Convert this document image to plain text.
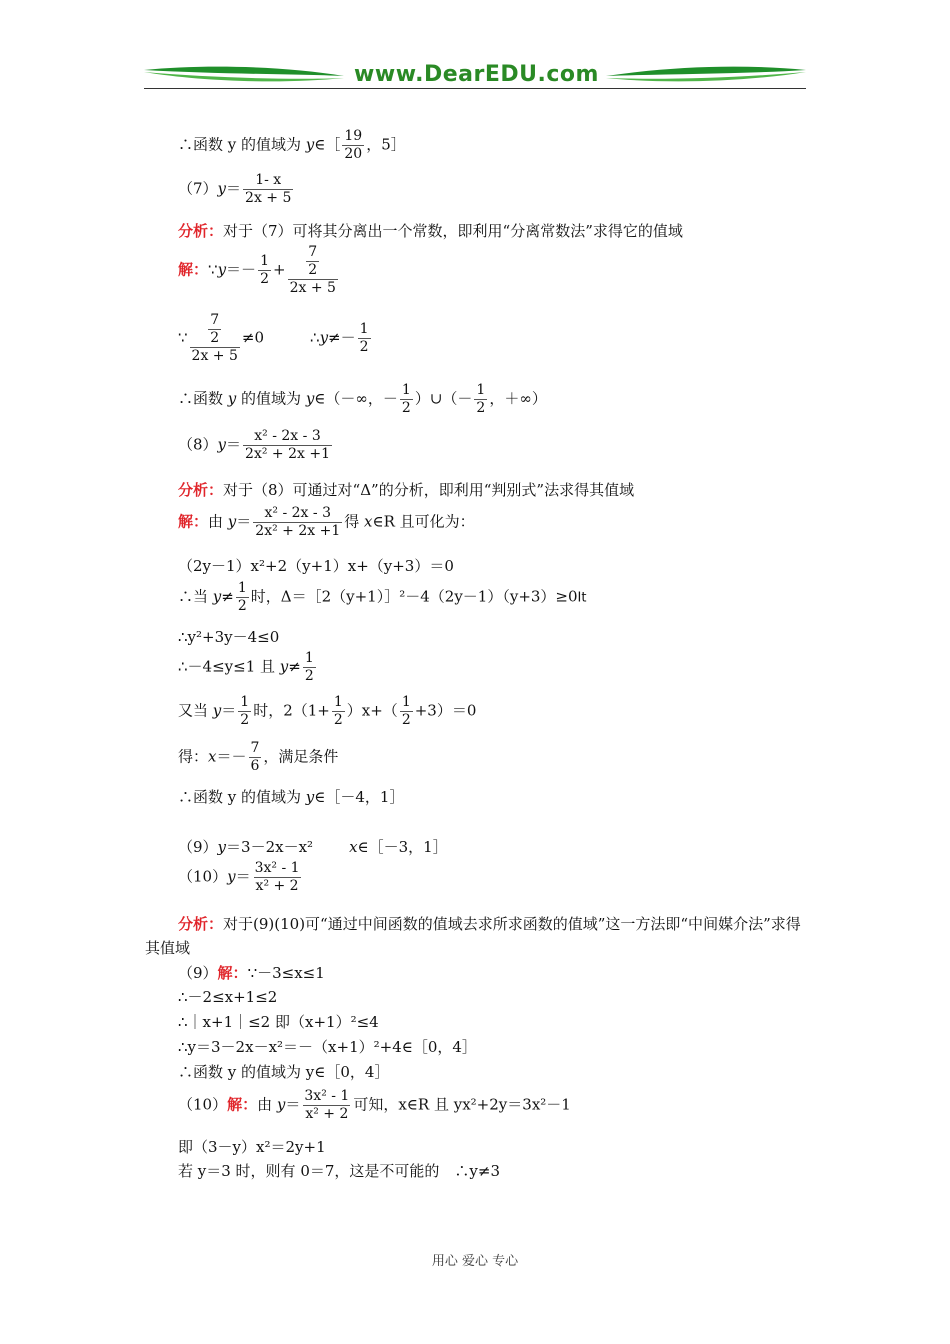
www.DearEDU.com
∴函数 y 的值域为 y∈［ $\frac{19}{20}$ ，5］
$(7)y= \frac{1- x}{2x + 5}$
分析：对于（7）可将其分离出一个常数，即利用“分离常数法”求得它的值域
解：∵y＝－ $\frac{1}{2} + \frac{\frac{7}{2}}{2x + 5}$
∵ $\frac{\frac{7}{2}}{2x + 5} \ne 0$	∴y≠－ $\frac{1}{2}$
∴函数 y 的值域为 y∈（－∞，－ $\frac{1}{2}$ ）∪（－ $\frac{1}{2}$ ，＋∞）
$(8)y= \frac{\text{x² - 2x - 3}}{\text{2x² + 2x +1}}$
分析：对于（8）可通过对“Δ”的分析，即利用“判别式”法求得其值域
解：由 $y= \frac{\text{x² - 2x - 3}}{\text{2x² + 2x +1}}$ 得 x∈R 且可化为：
（2y－1）x²+2（y+1）x+（y+3）＝0
∴当 $y\ne \frac{1}{2}$ 时，Δ＝［2（y+1）］²－4（2y－1）（y+3）≥0It
∴y²+3y－4≤0
∴－4≤y≤1 且 $y\ne \frac{1}{2}$
又当 $y= \frac{1}{2}$ 时，$2(1+ \frac{1}{2} )x+( \frac{1}{2} +3)=0$
得：$x=- \frac{7}{6}$ ，满足条件
∴函数 y 的值域为 y∈［－4，1］
（9）y＝3－2x－x² x∈［－3，1］
$(10)y= \frac{\text{3x² - 1}}{\text{x² + 2}}$
分析：对于(9)(10)可“通过中间函数的值域去求所求函数的值域”这一方法即“中间媒介法”求得其值域
（9）解：∵－3≤x≤1
∴－2≤x+1≤2
∴｜x+1｜≤2 即（x+1）²≤4
∴y＝3－2x－x²＝－（x+1）²+4∈［0，4］
∴函数 y 的值域为 y∈［0，4］
（10）解：由 $y= \frac{\text{3x² - 1}}{\text{x² + 2}}$ 可知，x∈R 且 yx²+2y＝3x²－1
即（3－y）x²＝2y+1
若 y＝3 时，则有 0＝7，这是不可能的　∴y≠3
用心 爱心 专心
